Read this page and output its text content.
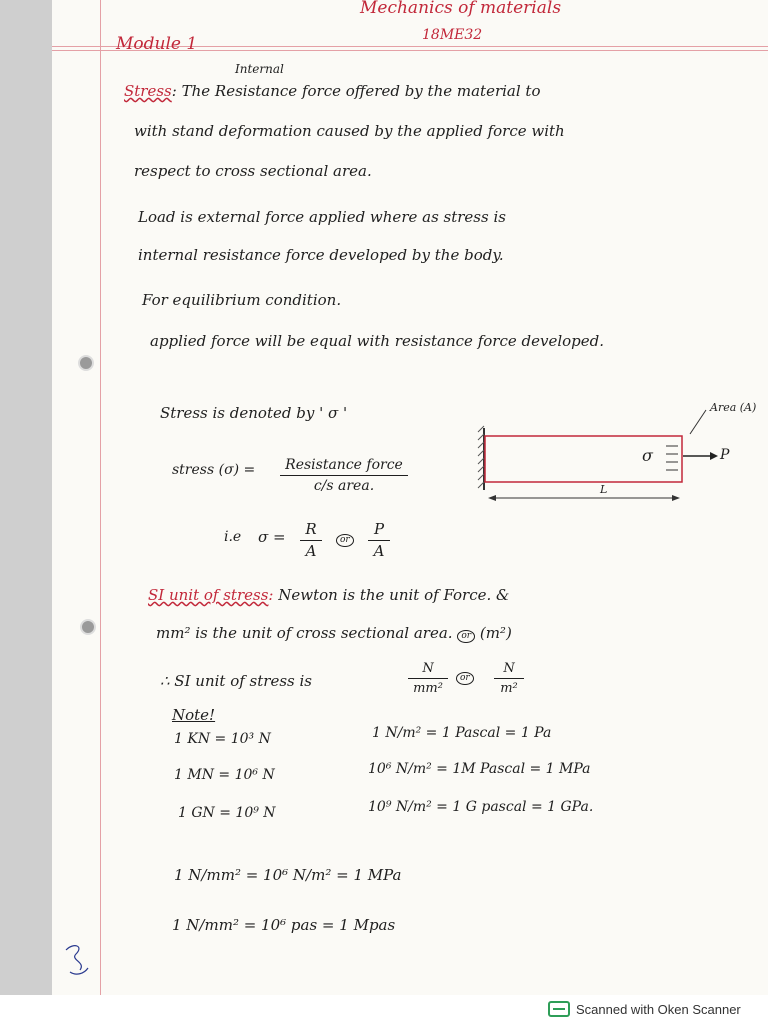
Mechanics of materials
18ME32
Module 1
Internal
Stress: The Resistance force offered by the material to
with stand deformation caused by the applied force with
respect to cross sectional area.
Load is external force applied where as stress is
internal resistance force developed by the body.
For equilibrium condition.
applied force will be equal with resistance force developed.
Stress is denoted by ' σ '
stress (σ) =	Resistance force
c/s area.
i.e σ =	R
A
or
P
A
Area (A)
σ	P
L
SI unit of stress: Newton is the unit of Force. &
mm² is the unit of cross sectional area. or (m²)
∴ SI unit of stress is
N
mm²
or
N
m²
Note!
1 KN = 10³ N
1 MN = 10⁶ N
1 GN = 10⁹ N
1 N/m² = 1 Pascal = 1 Pa
10⁶ N/m² = 1M Pascal = 1 MPa
10⁹ N/m² = 1 G pascal = 1 GPa.
1 N/mm² = 10⁶ N/m² = 1 MPa
1 N/mm² = 10⁶ pas = 1 Mpas
Scanned with Oken Scanner
